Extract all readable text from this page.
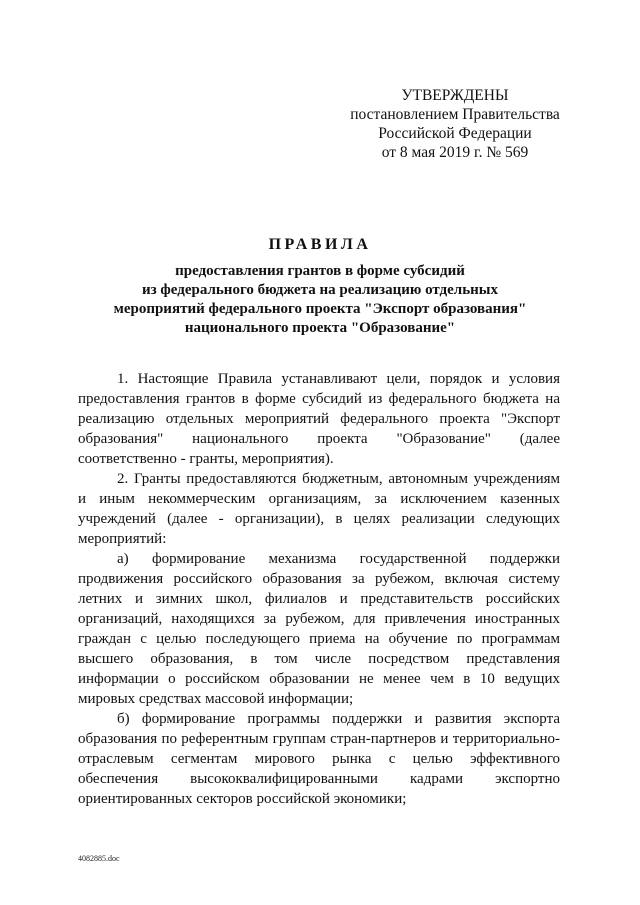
УТВЕРЖДЕНЫ
постановлением Правительства
Российской Федерации
от 8 мая 2019 г. № 569
ПРАВИЛА
предоставления грантов в форме субсидий
из федерального бюджета на реализацию отдельных
мероприятий федерального проекта "Экспорт образования"
национального проекта "Образование"

1. Настоящие Правила устанавливают цели, порядок и условия предоставления грантов в форме субсидий из федерального бюджета на реализацию отдельных мероприятий федерального проекта "Экспорт образования" национального проекта "Образование" (далее соответственно - гранты, мероприятия).

2. Гранты предоставляются бюджетным, автономным учреждениям и иным некоммерческим организациям, за исключением казенных учреждений (далее - организации), в целях реализации следующих мероприятий:

а) формирование механизма государственной поддержки продвижения российского образования за рубежом, включая систему летних и зимних школ, филиалов и представительств российских организаций, находящихся за рубежом, для привлечения иностранных граждан с целью последующего приема на обучение по программам высшего образования, в том числе посредством представления информации о российском образовании не менее чем в 10 ведущих мировых средствах массовой информации;

б) формирование программы поддержки и развития экспорта образования по референтным группам стран-партнеров и территориально-отраслевым сегментам мирового рынка с целью эффективного обеспечения высококвалифицированными кадрами экспортно ориентированных секторов российской экономики;

4082885.doc
